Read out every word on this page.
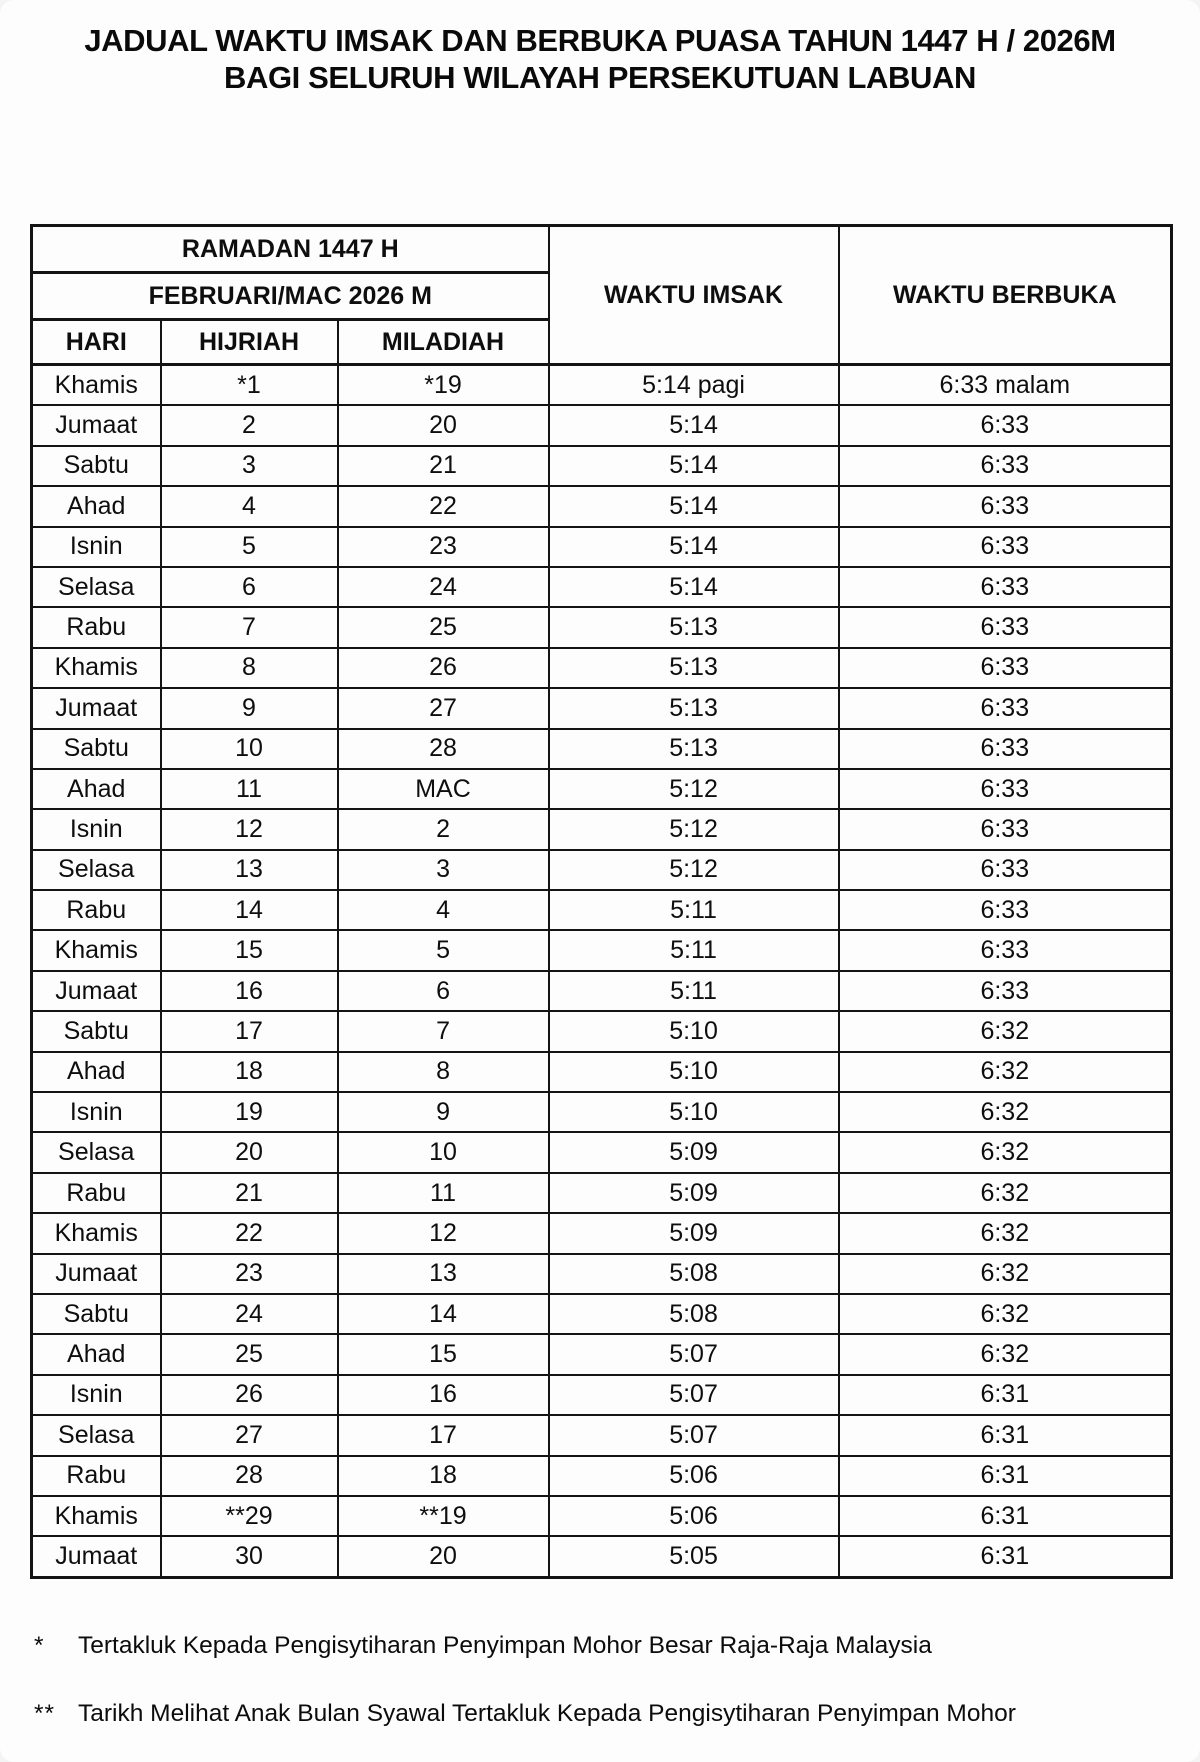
JADUAL WAKTU IMSAK DAN BERBUKA PUASA TAHUN 1447 H / 2026M
BAGI SELURUH WILAYAH PERSEKUTUAN LABUAN
RAMADAN 1447 H			WAKTU IMSAK	WAKTU BERBUKA
FEBRUARI/MAC 2026 M				
HARI	HIJRIAH	MILADIAH		
Khamis	*1	*19	5:14 pagi	6:33 malam
Jumaat	2	20	5:14	6:33
Sabtu	3	21	5:14	6:33
Ahad	4	22	5:14	6:33
Isnin	5	23	5:14	6:33
Selasa	6	24	5:14	6:33
Rabu	7	25	5:13	6:33
Khamis	8	26	5:13	6:33
Jumaat	9	27	5:13	6:33
Sabtu	10	28	5:13	6:33
Ahad	11	MAC	5:12	6:33
Isnin	12	2	5:12	6:33
Selasa	13	3	5:12	6:33
Rabu	14	4	5:11	6:33
Khamis	15	5	5:11	6:33
Jumaat	16	6	5:11	6:33
Sabtu	17	7	5:10	6:32
Ahad	18	8	5:10	6:32
Isnin	19	9	5:10	6:32
Selasa	20	10	5:09	6:32
Rabu	21	11	5:09	6:32
Khamis	22	12	5:09	6:32
Jumaat	23	13	5:08	6:32
Sabtu	24	14	5:08	6:32
Ahad	25	15	5:07	6:32
Isnin	26	16	5:07	6:31
Selasa	27	17	5:07	6:31
Rabu	28	18	5:06	6:31
Khamis	**29	**19	5:06	6:31
Jumaat	30	20	5:05	6:31
*	Tertakluk Kepada Pengisytiharan Penyimpan Mohor Besar Raja-Raja Malaysia
** Tarikh Melihat Anak Bulan Syawal Tertakluk Kepada Pengisytiharan Penyimpan Mohor
